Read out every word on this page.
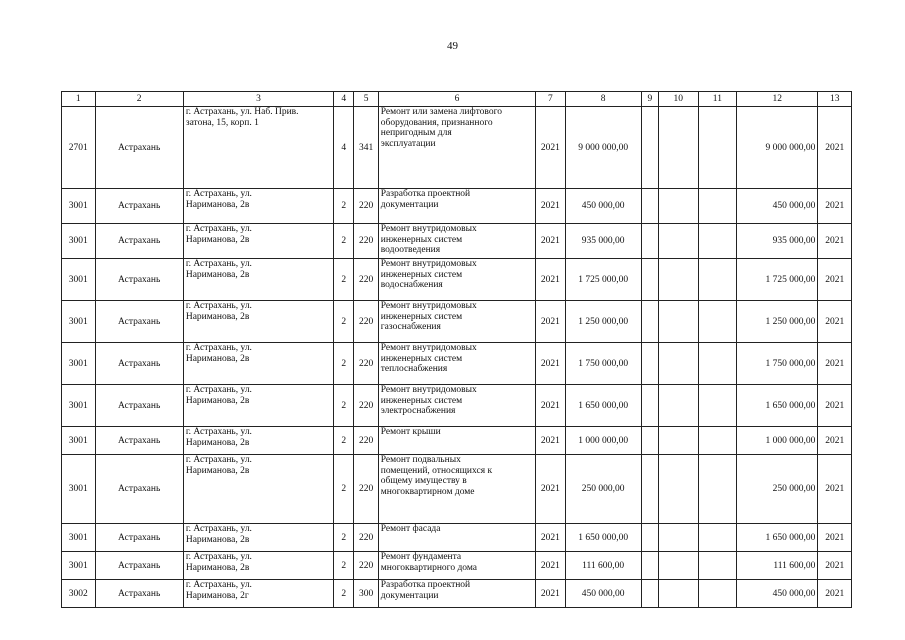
49
1	2	3	4	5	6	7	8	9	10	11	12	13
2701	Астрахань	г. Астрахань, ул. Наб. Прив.
затона, 15, корп. 1	4	341	Ремонт или замена лифтового
оборудования, признанного
непригодным для
эксплуатации	2021	9 000 000,00				9 000 000,00	2021
3001	Астрахань	г. Астрахань, ул.
Нариманова, 2в	2	220	Разработка проектной
документации	2021	450 000,00				450 000,00	2021
3001	Астрахань	г. Астрахань, ул.
Нариманова, 2в	2	220	Ремонт внутридомовых
инженерных систем
водоотведения	2021	935 000,00				935 000,00	2021
3001	Астрахань	г. Астрахань, ул.
Нариманова, 2в	2	220	Ремонт внутридомовых
инженерных систем
водоснабжения	2021	1 725 000,00				1 725 000,00	2021
3001	Астрахань	г. Астрахань, ул.
Нариманова, 2в	2	220	Ремонт внутридомовых
инженерных систем
газоснабжения	2021	1 250 000,00				1 250 000,00	2021
3001	Астрахань	г. Астрахань, ул.
Нариманова, 2в	2	220	Ремонт внутридомовых
инженерных систем
теплоснабжения	2021	1 750 000,00				1 750 000,00	2021
3001	Астрахань	г. Астрахань, ул.
Нариманова, 2в	2	220	Ремонт внутридомовых
инженерных систем
электроснабжения	2021	1 650 000,00				1 650 000,00	2021
3001	Астрахань	г. Астрахань, ул.
Нариманова, 2в	2	220	Ремонт крыши	2021	1 000 000,00				1 000 000,00	2021
3001	Астрахань	г. Астрахань, ул.
Нариманова, 2в	2	220	Ремонт подвальных
помещений, относящихся к
общему имуществу в
многоквартирном доме	2021	250 000,00				250 000,00	2021
3001	Астрахань	г. Астрахань, ул.
Нариманова, 2в	2	220	Ремонт фасада	2021	1 650 000,00				1 650 000,00	2021
3001	Астрахань	г. Астрахань, ул.
Нариманова, 2в	2	220	Ремонт фундамента
многоквартирного дома	2021	111 600,00				111 600,00	2021
3002	Астрахань	г. Астрахань, ул.
Нариманова, 2г	2	300	Разработка проектной
документации	2021	450 000,00				450 000,00	2021
